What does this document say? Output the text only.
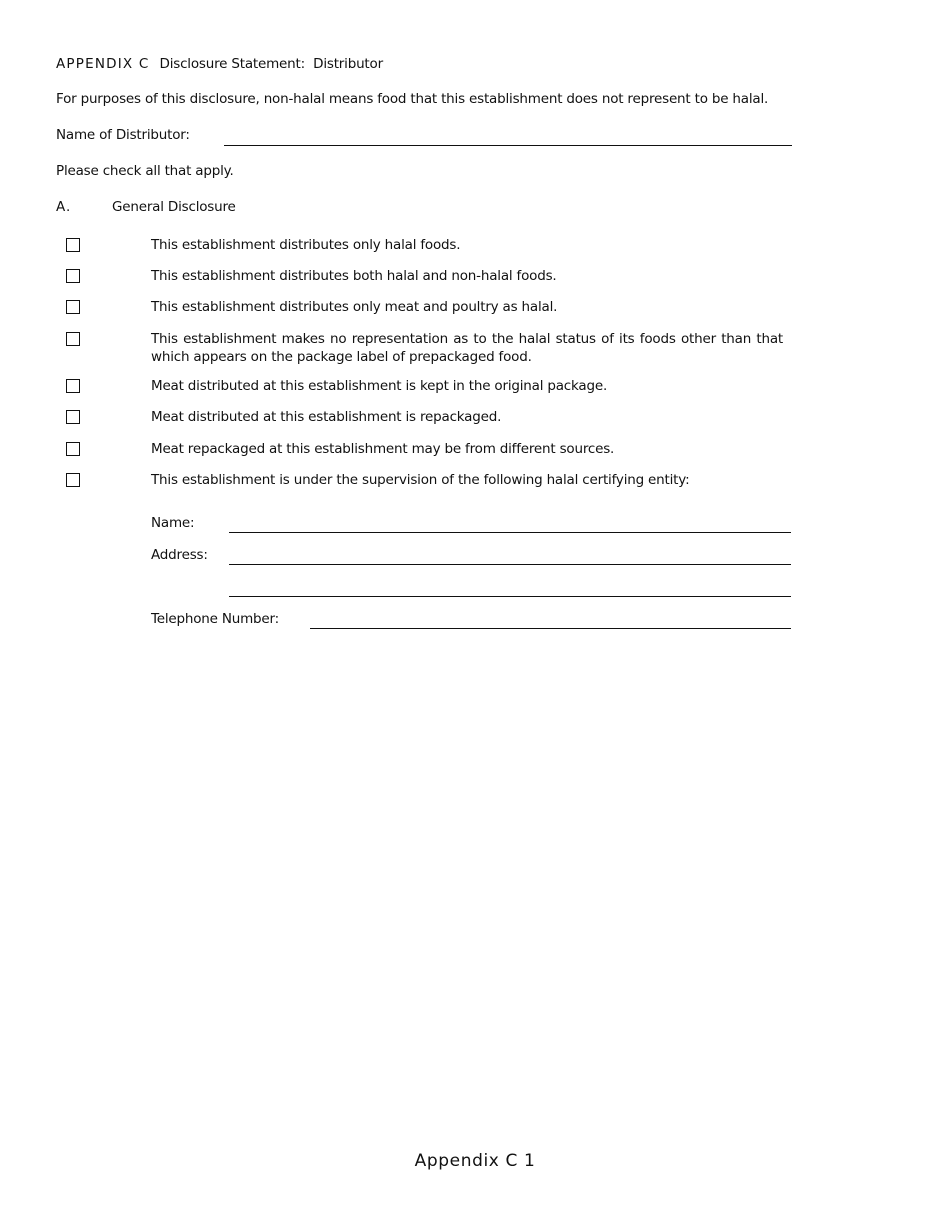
APPENDIX C Disclosure Statement:  Distributor
For purposes of this disclosure, non-halal means food that this establishment does not represent to be halal.
Name of Distributor:
Please check all that apply.
A.	General Disclosure
This establishment distributes only halal foods.
This establishment distributes both halal and non-halal foods.
This establishment distributes only meat and poultry as halal.
This establishment makes no representation as to the halal status of its foods other than that which appears on the package label of prepackaged food.
Meat distributed at this establishment is kept in the original package.
Meat distributed at this establishment is repackaged.
Meat repackaged at this establishment may be from different sources.
This establishment is under the supervision of the following halal certifying entity:
Name:
Address:
Telephone Number:
Appendix C 1
